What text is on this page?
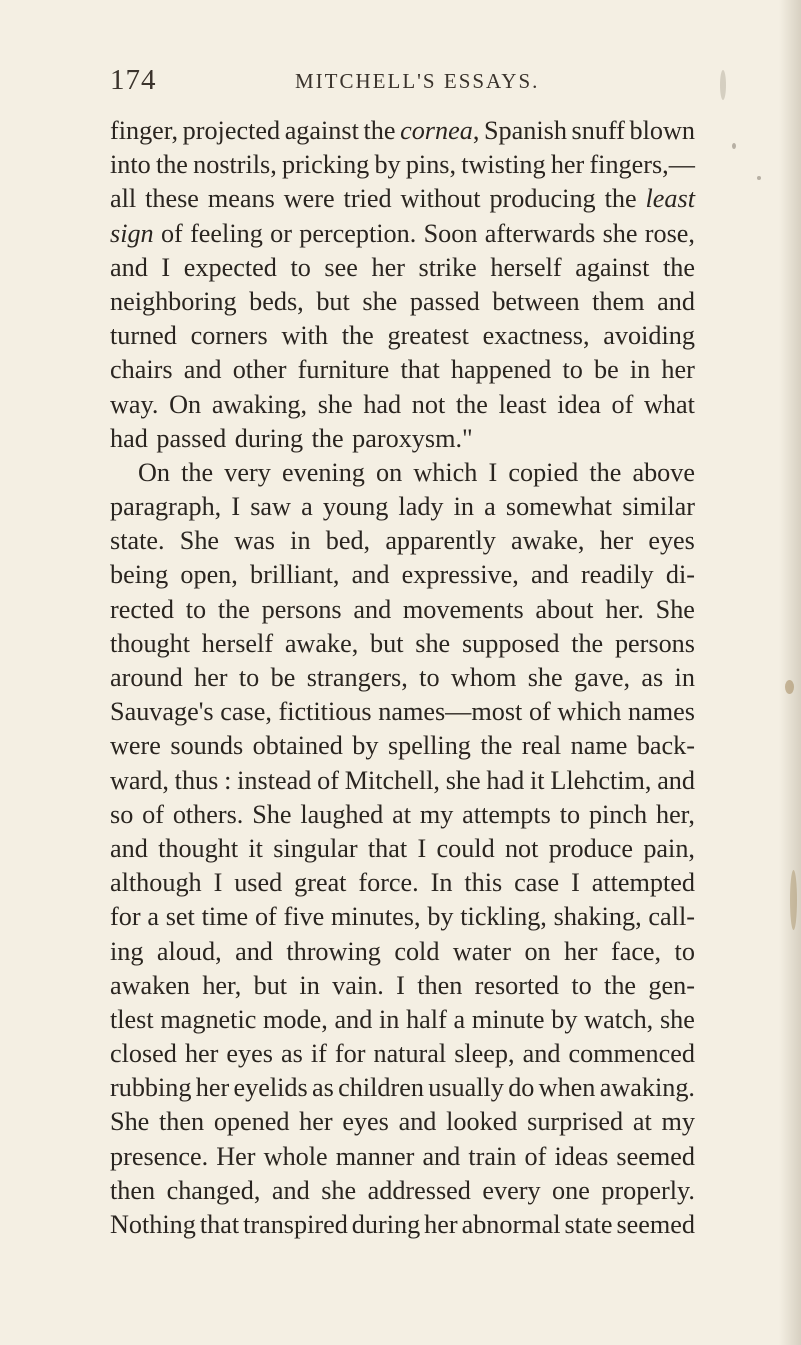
174	MITCHELL'S ESSAYS.
finger, projected against the cornea, Spanish snuff blown
into the nostrils, pricking by pins, twisting her fingers,—
all these means were tried without producing the least
sign of feeling or perception. Soon afterwards she rose,
and I expected to see her strike herself against the
neighboring beds, but she passed between them and
turned corners with the greatest exactness, avoiding
chairs and other furniture that happened to be in her
way. On awaking, she had not the least idea of what
had passed during the paroxysm."
On the very evening on which I copied the above
paragraph, I saw a young lady in a somewhat similar
state. She was in bed, apparently awake, her eyes
being open, brilliant, and expressive, and readily di-
rected to the persons and movements about her. She
thought herself awake, but she supposed the persons
around her to be strangers, to whom she gave, as in
Sauvage's case, fictitious names—most of which names
were sounds obtained by spelling the real name back-
ward, thus : instead of Mitchell, she had it Llehctim, and
so of others. She laughed at my attempts to pinch her,
and thought it singular that I could not produce pain,
although I used great force. In this case I attempted
for a set time of five minutes, by tickling, shaking, call-
ing aloud, and throwing cold water on her face, to
awaken her, but in vain. I then resorted to the gen-
tlest magnetic mode, and in half a minute by watch, she
closed her eyes as if for natural sleep, and commenced
rubbing her eyelids as children usually do when awaking.
She then opened her eyes and looked surprised at my
presence. Her whole manner and train of ideas seemed
then changed, and she addressed every one properly.
Nothing that transpired during her abnormal state seemed
